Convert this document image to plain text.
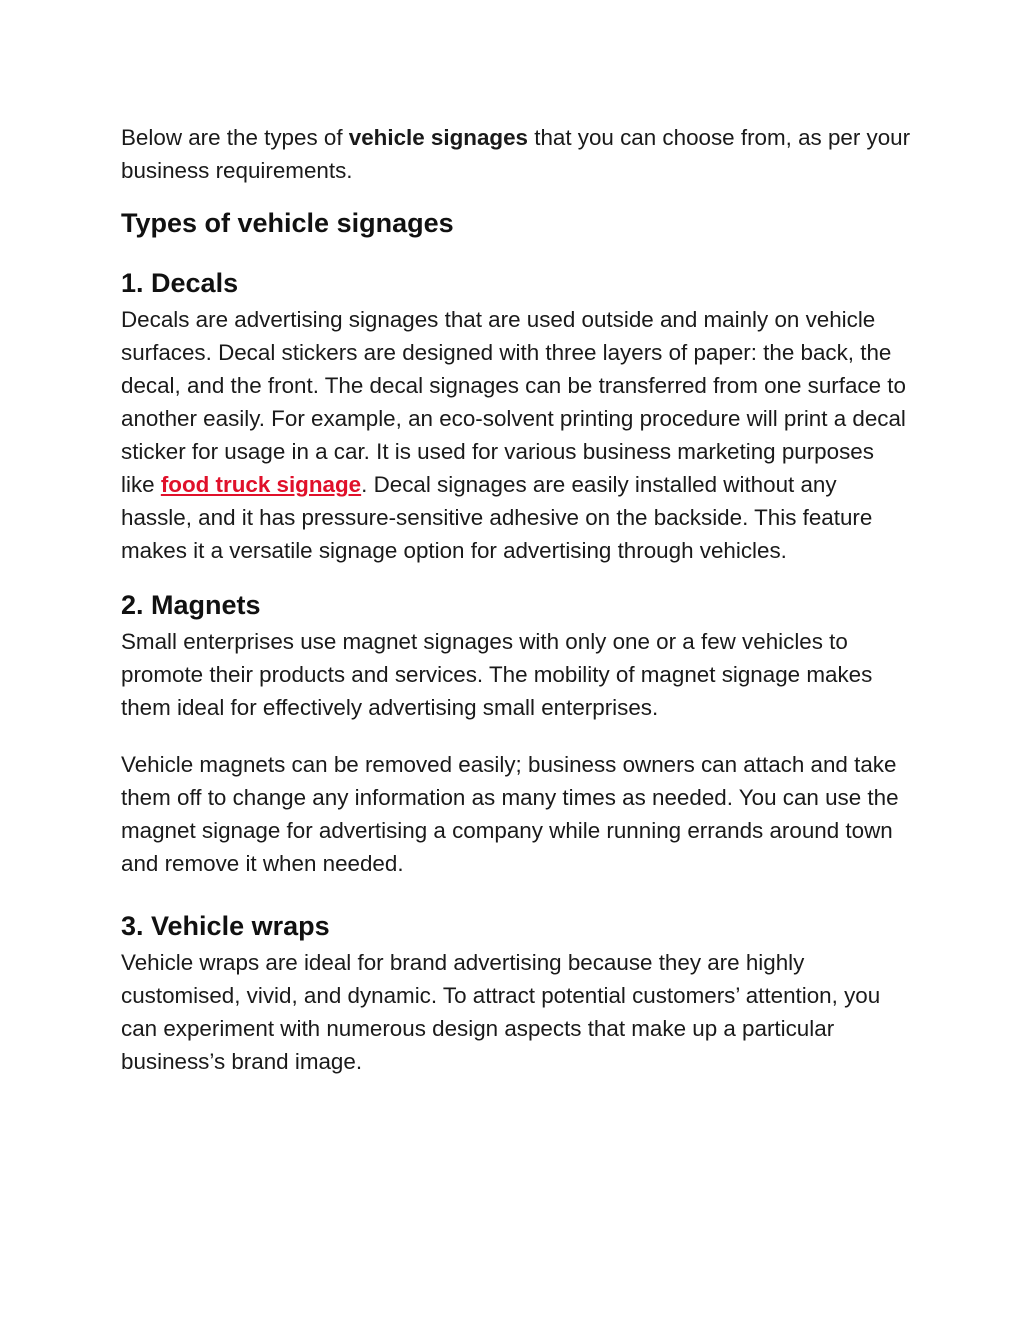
Below are the types of vehicle signages that you can choose from, as per your business requirements.

Types of vehicle signages
1. Decals

Decals are advertising signages that are used outside and mainly on vehicle surfaces. Decal stickers are designed with three layers of paper: the back, the decal, and the front. The decal signages can be transferred from one surface to another easily. For example, an eco-solvent printing procedure will print a decal sticker for usage in a car. It is used for various business marketing purposes like food truck signage. Decal signages are easily installed without any hassle, and it has pressure-sensitive adhesive on the backside. This feature makes it a versatile signage option for advertising through vehicles.

2. Magnets

Small enterprises use magnet signages with only one or a few vehicles to promote their products and services. The mobility of magnet signage makes them ideal for effectively advertising small enterprises.

Vehicle magnets can be removed easily; business owners can attach and take them off to change any information as many times as needed. You can use the magnet signage for advertising a company while running errands around town and remove it when needed.

3. Vehicle wraps

Vehicle wraps are ideal for brand advertising because they are highly customised, vivid, and dynamic. To attract potential customers’ attention, you can experiment with numerous design aspects that make up a particular business’s brand image.
